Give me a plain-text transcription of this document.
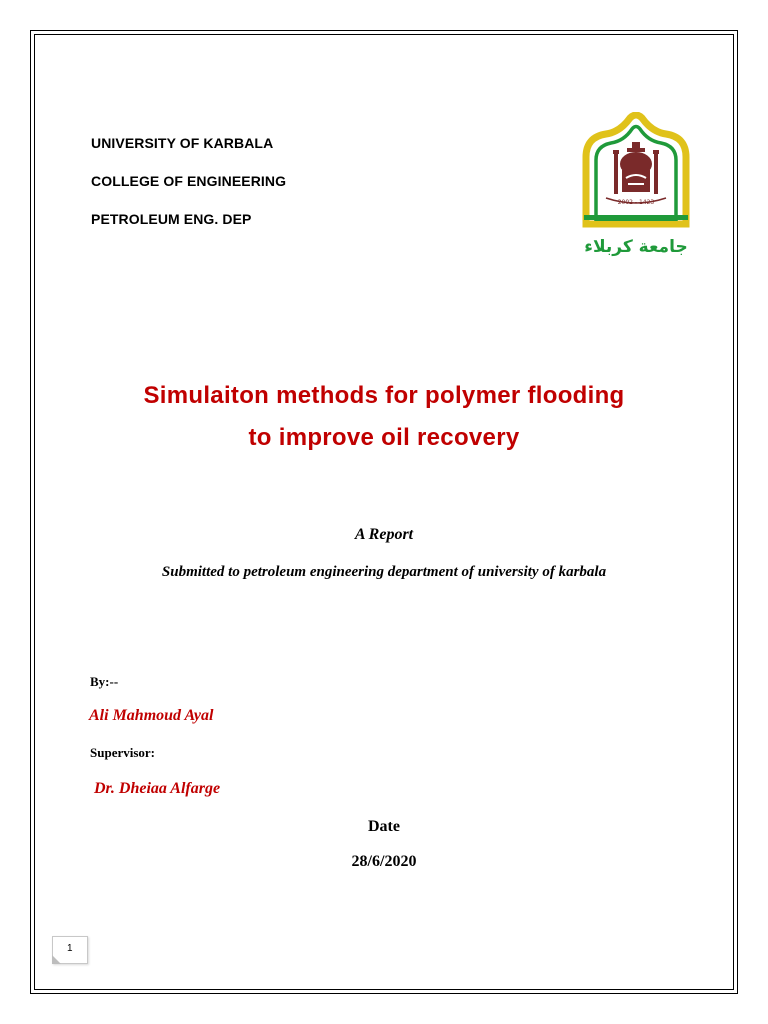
UNIVERSITY OF KARBALA
COLLEGE OF ENGINEERING
PETROLEUM ENG. DEP
2002 - 1423
جامعة كربلاء
Simulaiton methods for polymer flooding
to improve oil recovery
A Report
Submitted to petroleum engineering department of university of karbala
By:--
Ali Mahmoud Ayal
Supervisor:
Dr. Dheiaa Alfarge
Date
28/6/2020
1
